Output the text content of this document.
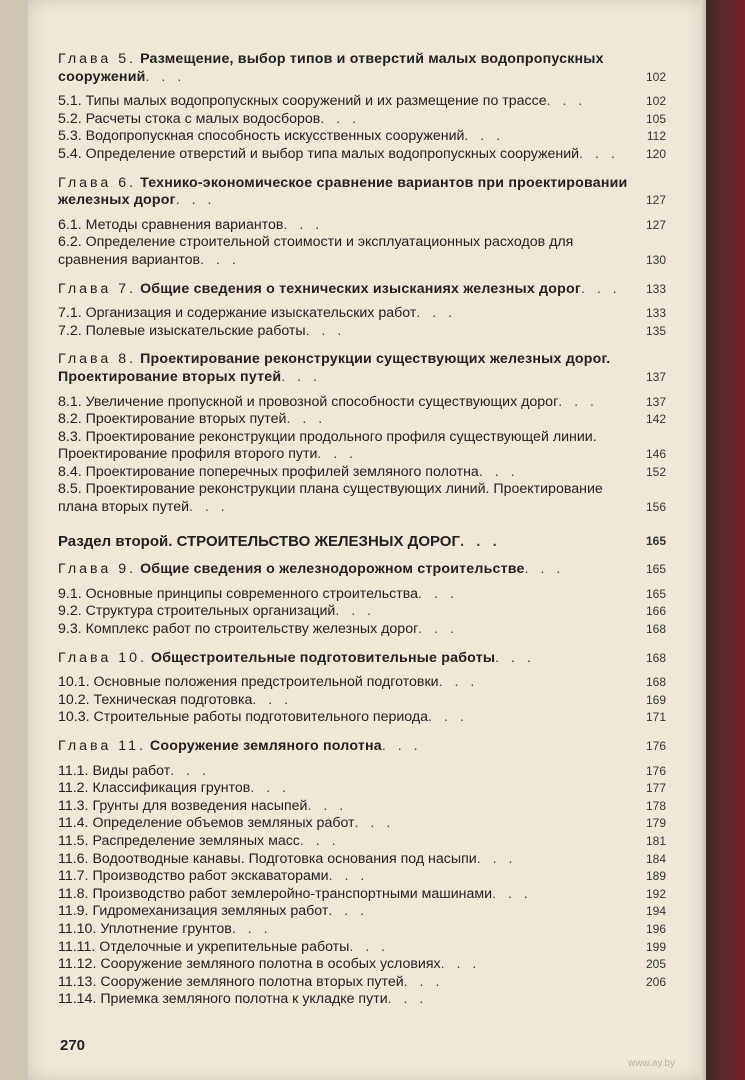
Глава 5. Размещение, выбор типов и отверстий малых водопропускных сооружений. . .	102
5.1. Типы малых водопропускных сооружений и их размещение по трассе. . .	102
5.2. Расчеты стока с малых водосборов. . .	105
5.3. Водопропускная способность искусственных сооружений. . .	112
5.4. Определение отверстий и выбор типа малых водопропускных сооружений. . . 120
Глава 6. Технико-экономическое сравнение вариантов при проектировании железных дорог. . .	127
6.1. Методы сравнения вариантов. . .	127
6.2. Определение строительной стоимости и эксплуатационных расходов для сравнения вариантов. . .	130
Глава 7. Общие сведения о технических изысканиях железных дорог. . . 133
7.1. Организация и содержание изыскательских работ. . .	133
7.2. Полевые изыскательские работы. . .	135
Глава 8. Проектирование реконструкции существующих железных дорог. Проектирование вторых путей. . .	137
8.1. Увеличение пропускной и провозной способности существующих дорог. . .	137
8.2. Проектирование вторых путей. . .	142
8.3. Проектирование реконструкции продольного профиля существующей линии. Проектирование профиля второго пути. . .	146
8.4. Проектирование поперечных профилей земляного полотна. . .	152
8.5. Проектирование реконструкции плана существующих линий. Проектирование плана вторых путей. . .	156
Раздел второй. СТРОИТЕЛЬСТВО ЖЕЛЕЗНЫХ ДОРОГ. . .	165
Глава 9. Общие сведения о железнодорожном строительстве. . .	165
9.1. Основные принципы современного строительства. . .	165
9.2. Структура строительных организаций. . .	166
9.3. Комплекс работ по строительству железных дорог. . .	168
Глава 10. Общестроительные подготовительные работы. . .	168
10.1. Основные положения предстроительной подготовки. . .	168
10.2. Техническая подготовка. . .	169
10.3. Строительные работы подготовительного периода. . .	171
Глава 11. Сооружение земляного полотна. . .	176
11.1. Виды работ. . .	176
11.2. Классификация грунтов. . .	177
11.3. Грунты для возведения насыпей. . .	178
11.4. Определение объемов земляных работ. . .	179
11.5. Распределение земляных масс. . .	181
11.6. Водоотводные канавы. Подготовка основания под насыпи. . .	184
11.7. Производство работ экскаваторами. . .	189
11.8. Производство работ землеройно-транспортными машинами. . .	192
11.9. Гидромеханизация земляных работ. . .	194
11.10. Уплотнение грунтов. . .	196
11.11. Отделочные и укрепительные работы. . .	199
11.12. Сооружение земляного полотна в особых условиях. . .	205
11.13. Сооружение земляного полотна вторых путей. . .	206
11.14. Приемка земляного полотна к укладке пути. . .
270
www.ay.by
